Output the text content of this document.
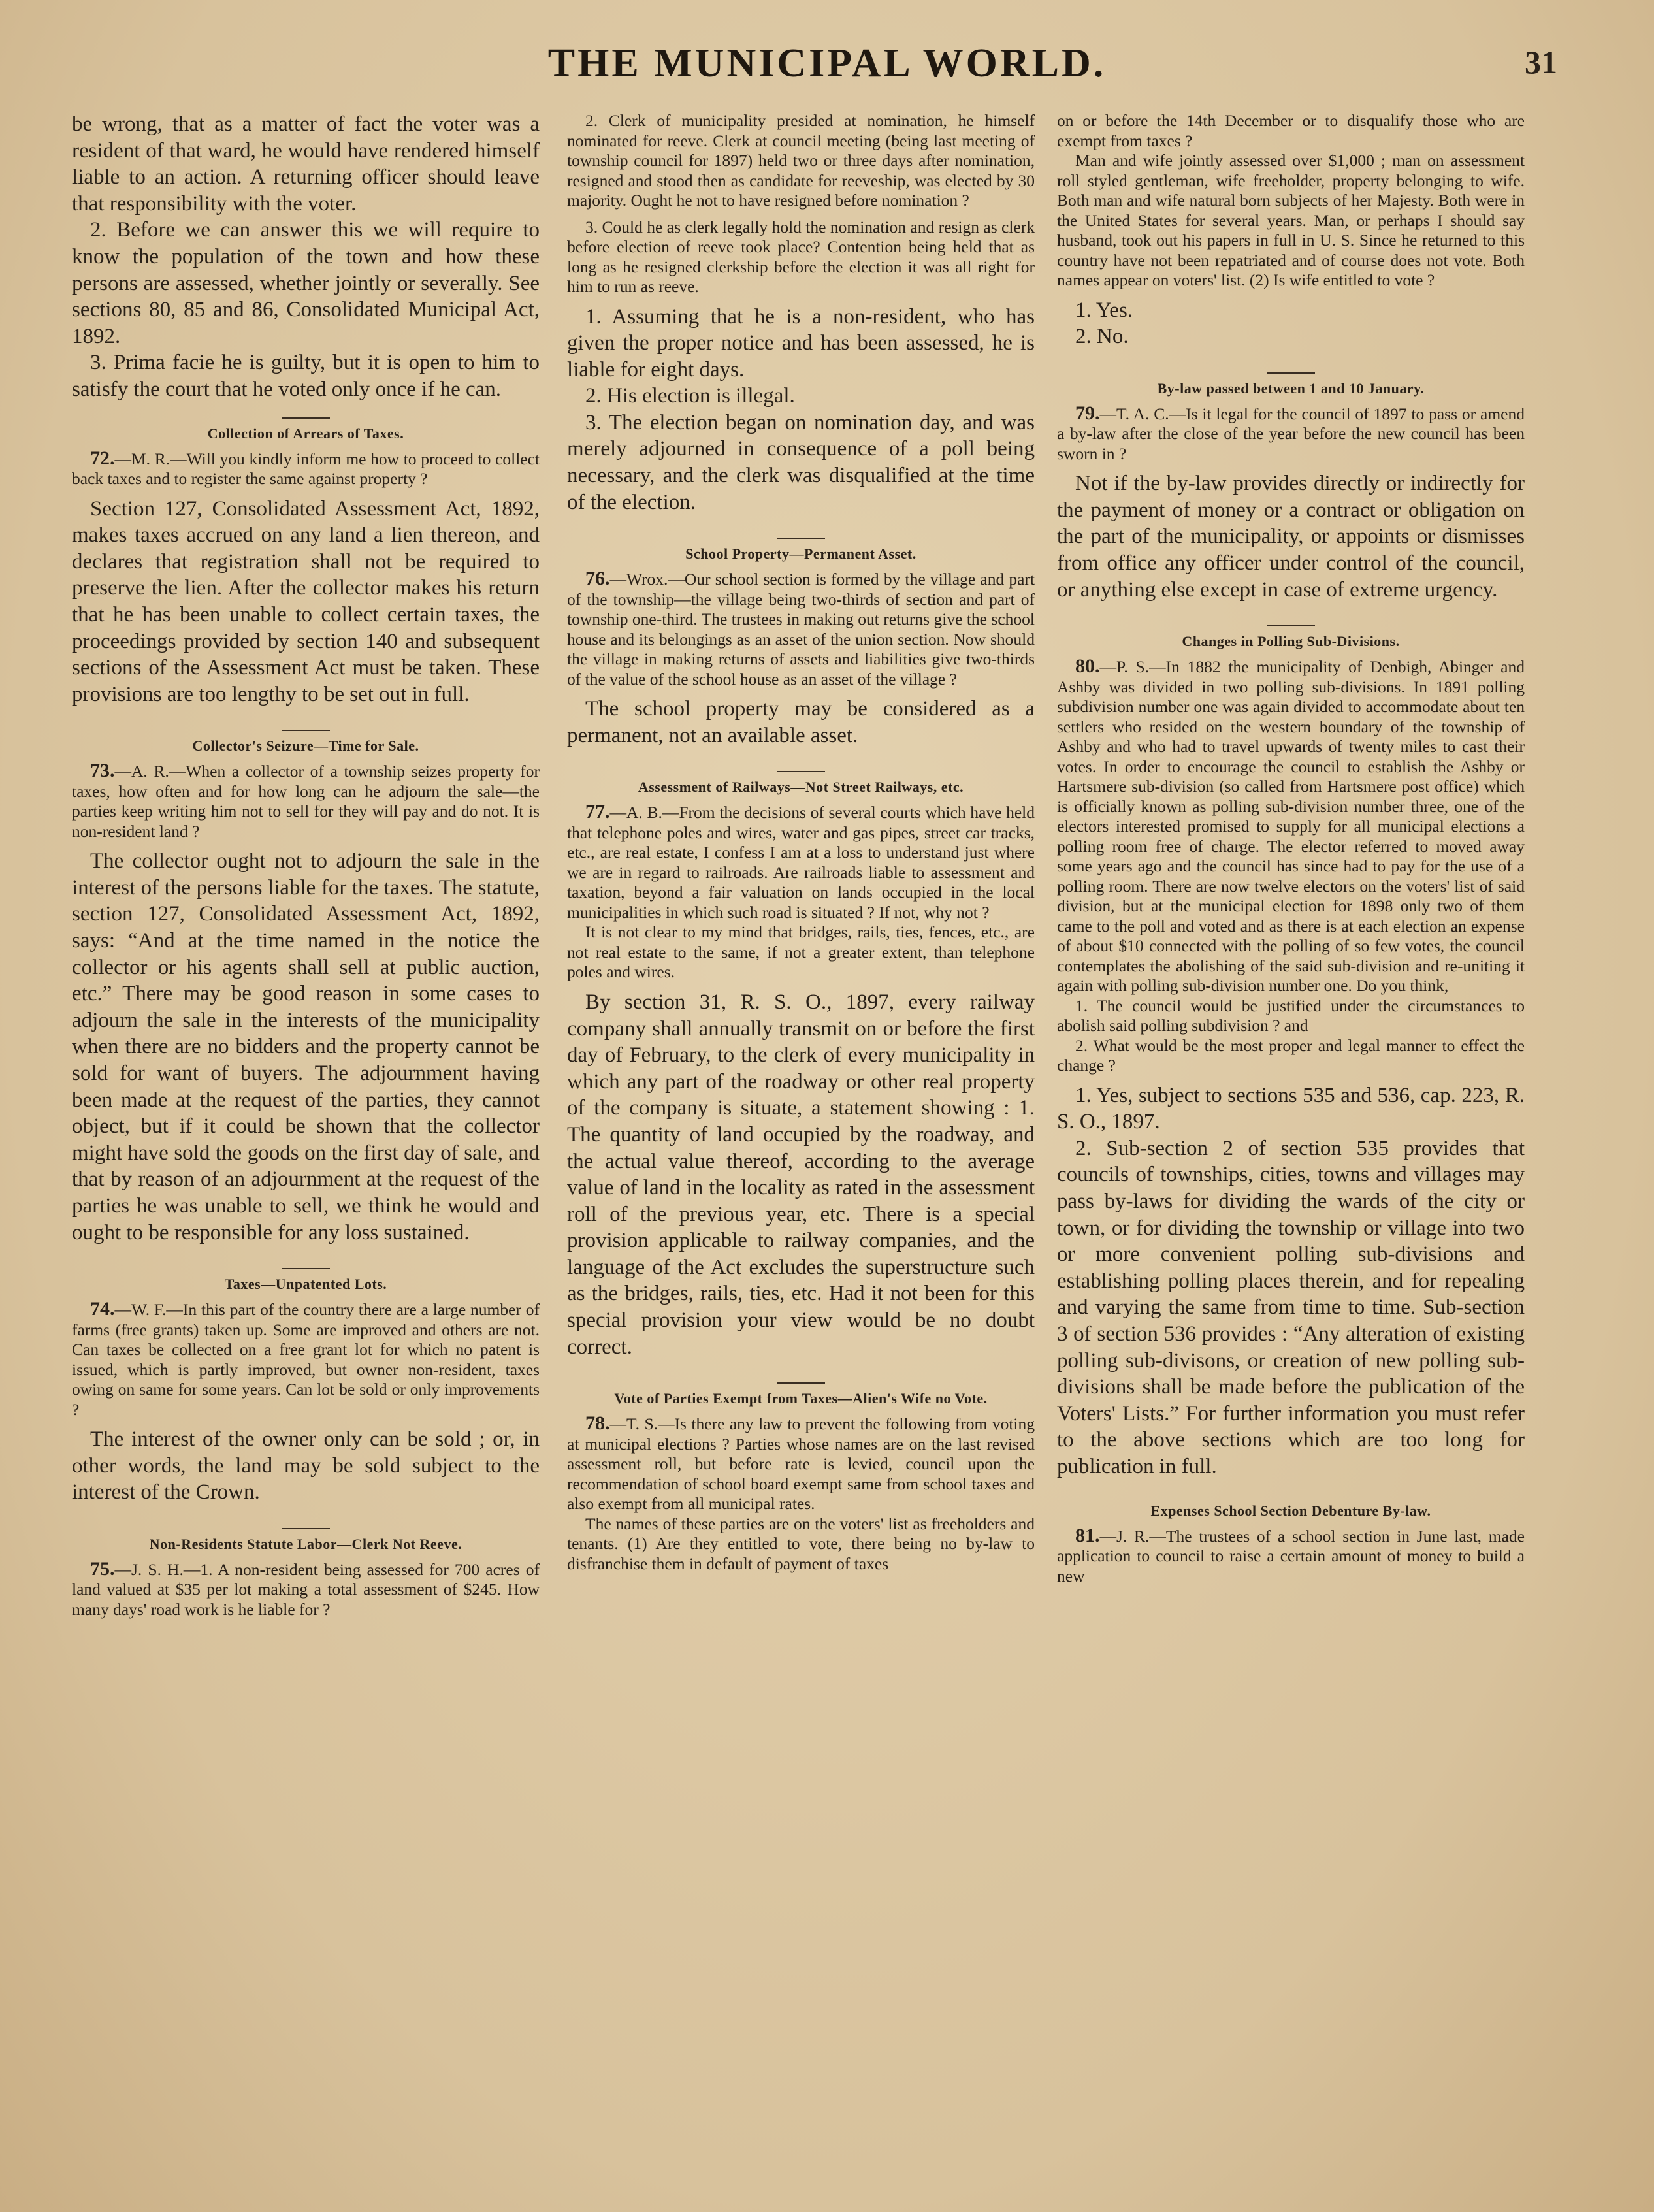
THE MUNICIPAL WORLD.	31

be wrong, that as a matter of fact the voter was a resident of that ward, he would have rendered himself liable to an action. A returning officer should leave that responsibility with the voter.

2. Before we can answer this we will require to know the population of the town and how these persons are assessed, whether jointly or severally. See sections 80, 85 and 86, Consolidated Municipal Act, 1892.

3. Prima facie he is guilty, but it is open to him to satisfy the court that he voted only once if he can.

Collection of Arrears of Taxes.

72.—M. R.—Will you kindly inform me how to proceed to collect back taxes and to register the same against property ?

Section 127, Consolidated Assessment Act, 1892, makes taxes accrued on any land a lien thereon, and declares that registration shall not be required to preserve the lien. After the collector makes his return that he has been unable to collect certain taxes, the proceedings provided by section 140 and subsequent sections of the Assessment Act must be taken. These provisions are too lengthy to be set out in full.

Collector's Seizure—Time for Sale.

73.—A. R.—When a collector of a township seizes property for taxes, how often and for how long can he adjourn the sale—the parties keep writing him not to sell for they will pay and do not. It is non-resident land ?

The collector ought not to adjourn the sale in the interest of the persons liable for the taxes. The statute, section 127, Consolidated Assessment Act, 1892, says: “And at the time named in the notice the collector or his agents shall sell at public auction, etc.” There may be good reason in some cases to adjourn the sale in the interests of the municipality when there are no bidders and the property cannot be sold for want of buyers. The adjournment having been made at the request of the parties, they cannot object, but if it could be shown that the collector might have sold the goods on the first day of sale, and that by reason of an adjournment at the request of the parties he was unable to sell, we think he would and ought to be responsible for any loss sustained.

Taxes—Unpatented Lots.

74.—W. F.—In this part of the country there are a large number of farms (free grants) taken up. Some are improved and others are not. Can taxes be collected on a free grant lot for which no patent is issued, which is partly improved, but owner non-resident, taxes owing on same for some years. Can lot be sold or only improvements ?

The interest of the owner only can be sold ; or, in other words, the land may be sold subject to the interest of the Crown.

Non-Residents Statute Labor—Clerk Not Reeve.

75.—J. S. H.—1. A non-resident being assessed for 700 acres of land valued at $35 per lot making a total assessment of $245. How many days' road work is he liable for ?

2. Clerk of municipality presided at nomination, he himself nominated for reeve. Clerk at council meeting (being last meeting of township council for 1897) held two or three days after nomination, resigned and stood then as candidate for reeveship, was elected by 30 majority. Ought he not to have resigned before nomination ?

3. Could he as clerk legally hold the nomination and resign as clerk before election of reeve took place? Contention being held that as long as he resigned clerkship before the election it was all right for him to run as reeve.

1. Assuming that he is a non-resident, who has given the proper notice and has been assessed, he is liable for eight days.

2. His election is illegal.

3. The election began on nomination day, and was merely adjourned in consequence of a poll being necessary, and the clerk was disqualified at the time of the election.

School Property—Permanent Asset.

76.—Wrox.—Our school section is formed by the village and part of the township—the village being two-thirds of section and part of township one-third. The trustees in making out returns give the school house and its belongings as an asset of the union section. Now should the village in making returns of assets and liabilities give two-thirds of the value of the school house as an asset of the village ?

The school property may be considered as a permanent, not an available asset.

Assessment of Railways—Not Street Railways, etc.

77.—A. B.—From the decisions of several courts which have held that telephone poles and wires, water and gas pipes, street car tracks, etc., are real estate, I confess I am at a loss to understand just where we are in regard to railroads. Are railroads liable to assessment and taxation, beyond a fair valuation on lands occupied in the local municipalities in which such road is situated ? If not, why not ?

It is not clear to my mind that bridges, rails, ties, fences, etc., are not real estate to the same, if not a greater extent, than telephone poles and wires.

By section 31, R. S. O., 1897, every railway company shall annually transmit on or before the first day of February, to the clerk of every municipality in which any part of the roadway or other real property of the company is situate, a statement showing : 1. The quantity of land occupied by the roadway, and the actual value thereof, according to the average value of land in the locality as rated in the assessment roll of the previous year, etc. There is a special provision applicable to railway companies, and the language of the Act excludes the superstructure such as the bridges, rails, ties, etc. Had it not been for this special provision your view would be no doubt correct.

Vote of Parties Exempt from Taxes—Alien's Wife no Vote.

78.—T. S.—Is there any law to prevent the following from voting at municipal elections ? Parties whose names are on the last revised assessment roll, but before rate is levied, council upon the recommendation of school board exempt same from school taxes and also exempt from all municipal rates.

The names of these parties are on the voters' list as freeholders and tenants. (1) Are they entitled to vote, there being no by-law to disfranchise them in default of payment of taxes

on or before the 14th December or to disqualify those who are exempt from taxes ?

Man and wife jointly assessed over $1,000 ; man on assessment roll styled gentleman, wife freeholder, property belonging to wife. Both man and wife natural born subjects of her Majesty. Both were in the United States for several years. Man, or perhaps I should say husband, took out his papers in full in U. S. Since he returned to this country have not been repatriated and of course does not vote. Both names appear on voters' list. (2) Is wife entitled to vote ?

1. Yes.

2. No.

By-law passed between 1 and 10 January.

79.—T. A. C.—Is it legal for the council of 1897 to pass or amend a by-law after the close of the year before the new council has been sworn in ?

Not if the by-law provides directly or indirectly for the payment of money or a contract or obligation on the part of the municipality, or appoints or dismisses from office any officer under control of the council, or anything else except in case of extreme urgency.

Changes in Polling Sub-Divisions.

80.—P. S.—In 1882 the municipality of Denbigh, Abinger and Ashby was divided in two polling sub-divisions. In 1891 polling subdivision number one was again divided to accommodate about ten settlers who resided on the western boundary of the township of Ashby and who had to travel upwards of twenty miles to cast their votes. In order to encourage the council to establish the Ashby or Hartsmere sub-division (so called from Hartsmere post office) which is officially known as polling sub-division number three, one of the electors interested promised to supply for all municipal elections a polling room free of charge. The elector referred to moved away some years ago and the council has since had to pay for the use of a polling room. There are now twelve electors on the voters' list of said division, but at the municipal election for 1898 only two of them came to the poll and voted and as there is at each election an expense of about $10 connected with the polling of so few votes, the council contemplates the abolishing of the said sub-division and re-uniting it again with polling sub-division number one. Do you think,

1. The council would be justified under the circumstances to abolish said polling subdivision ? and

2. What would be the most proper and legal manner to effect the change ?

1. Yes, subject to sections 535 and 536, cap. 223, R. S. O., 1897.

2. Sub-section 2 of section 535 provides that councils of townships, cities, towns and villages may pass by-laws for dividing the wards of the city or town, or for dividing the township or village into two or more convenient polling sub-divisions and establishing polling places therein, and for repealing and varying the same from time to time. Sub-section 3 of section 536 provides : “Any alteration of existing polling sub-divisons, or creation of new polling sub-divisions shall be made before the publication of the Voters' Lists.” For further information you must refer to the above sections which are too long for publication in full.

Expenses School Section Debenture By-law.

81.—J. R.—The trustees of a school section in June last, made application to council to raise a certain amount of money to build a new
